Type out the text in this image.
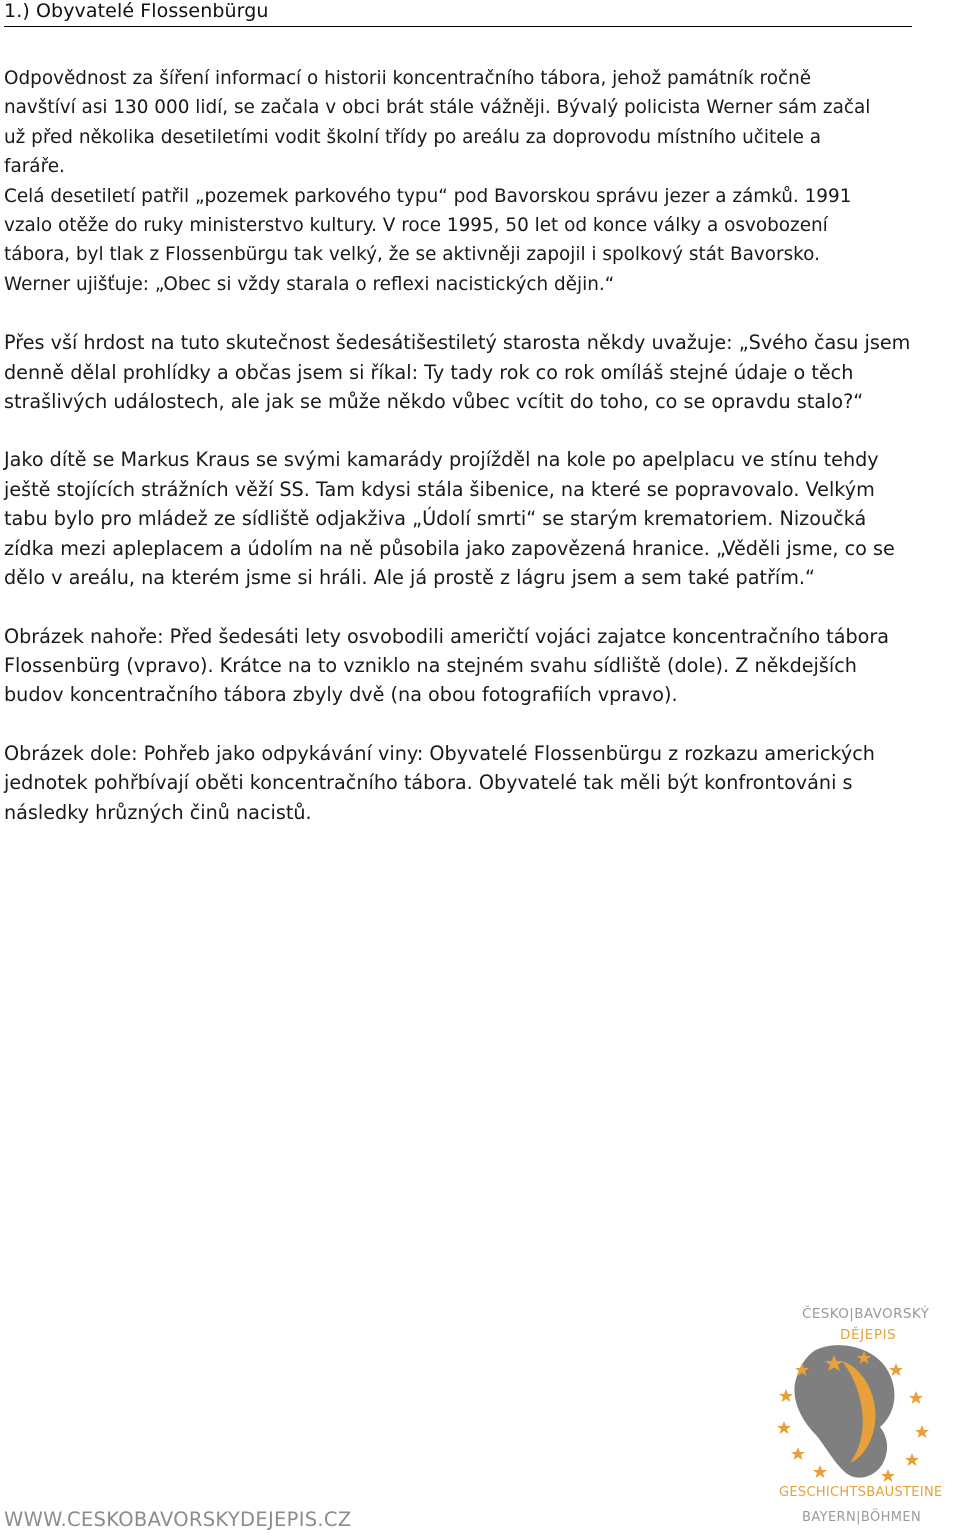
1.) Obyvatelé Flossenbürgu

Odpovědnost za šíření informací o historii koncentračního tábora, jehož památník ročně
navštíví asi 130 000 lidí, se začala v obci brát stále vážněji. Bývalý policista Werner sám začal
už před několika desetiletími vodit školní třídy po areálu za doprovodu místního učitele a
faráře.
Celá desetiletí patřil „pozemek parkového typu“ pod Bavorskou správu jezer a zámků. 1991
vzalo otěže do ruky ministerstvo kultury. V roce 1995, 50 let od konce války a osvobození
tábora, byl tlak z Flossenbürgu tak velký, že se aktivněji zapojil i spolkový stát Bavorsko.
Werner ujišťuje: „Obec si vždy starala o reflexi nacistických dějin.“

Přes vší hrdost na tuto skutečnost šedesátišestiletý starosta někdy uvažuje: „Svého času jsem
denně dělal prohlídky a občas jsem si říkal: Ty tady rok co rok omíláš stejné údaje o těch
strašlivých událostech, ale jak se může někdo vůbec vcítit do toho, co se opravdu stalo?“

Jako dítě se Markus Kraus se svými kamarády projížděl na kole po apelplacu ve stínu tehdy
ještě stojících strážních věží SS. Tam kdysi stála šibenice, na které se popravovalo. Velkým
tabu bylo pro mládež ze sídliště odjakživa „Údolí smrti“ se starým krematoriem. Nizoučká
zídka mezi apleplacem a údolím na ně působila jako zapovězená hranice. „Věděli jsme, co se
dělo v areálu, na kterém jsme si hráli. Ale já prostě z lágru jsem a sem také patřím.“

Obrázek nahoře: Před šedesáti lety osvobodili američtí vojáci zajatce koncentračního tábora
Flossenbürg (vpravo). Krátce na to vzniklo na stejném svahu sídliště (dole). Z někdejších
budov koncentračního tábora zbyly dvě (na obou fotografiích vpravo).

Obrázek dole: Pohřeb jako odpykávání viny: Obyvatelé Flossenbürgu z rozkazu amerických
jednotek pohřbívají oběti koncentračního tábora. Obyvatelé tak měli být konfrontováni s
následky hrůzných činů nacistů.

ČESKO|BAVORSKÝ
DĚJEPIS
GESCHICHTSBAUSTEINE
BAYERN|BÖHMEN
WWW.CESKOBAVORSKYDEJEPIS.CZ
